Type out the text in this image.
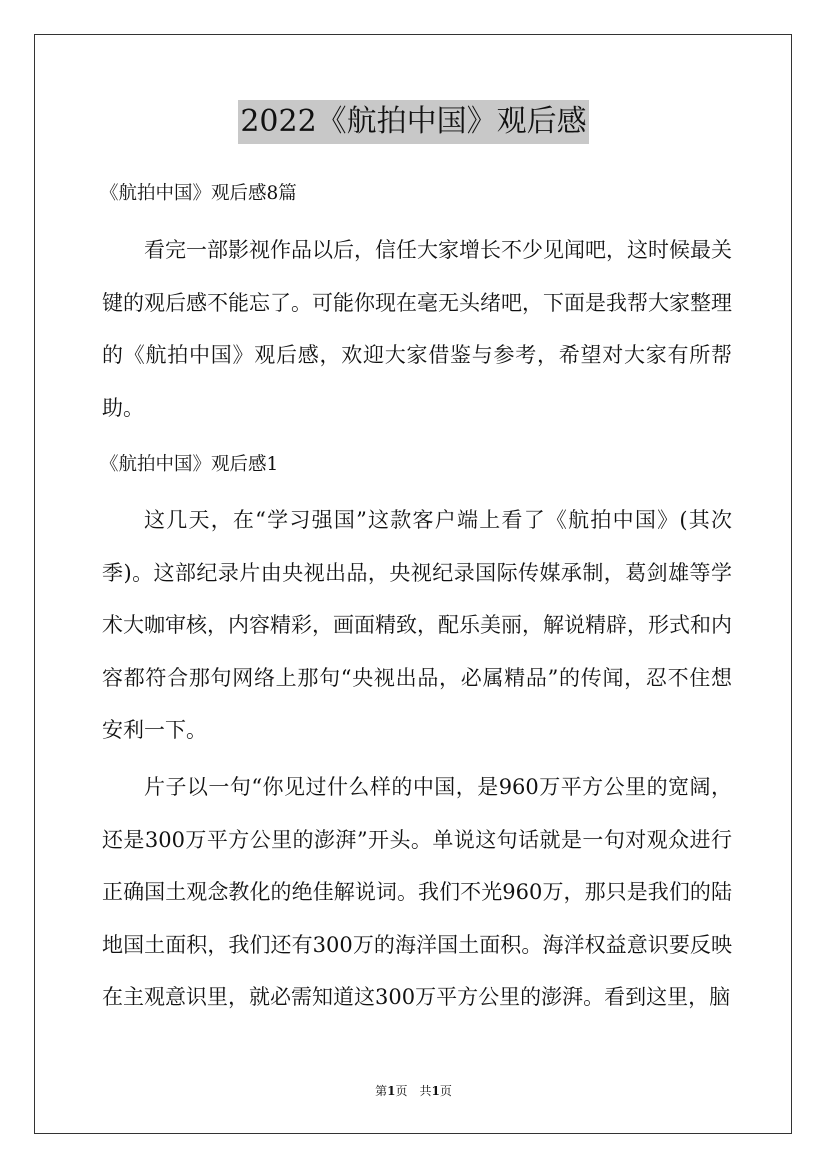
2022《航拍中国》观后感
《航拍中国》观后感8篇

看完一部影视作品以后，信任大家增长不少见闻吧，这时候最关键的观后感不能忘了。可能你现在毫无头绪吧，下面是我帮大家整理的《航拍中国》观后感，欢迎大家借鉴与参考，希望对大家有所帮助。

《航拍中国》观后感1

这几天，在“学习强国”这款客户端上看了《航拍中国》(其次季)。这部纪录片由央视出品，央视纪录国际传媒承制，葛剑雄等学术大咖审核，内容精彩，画面精致，配乐美丽，解说精辟，形式和内容都符合那句网络上那句“央视出品，必属精品”的传闻，忍不住想安利一下。

片子以一句“你见过什么样的中国，是960万平方公里的宽阔，还是300万平方公里的澎湃”开头。单说这句话就是一句对观众进行正确国土观念教化的绝佳解说词。我们不光960万，那只是我们的陆地国土面积，我们还有300万的海洋国土面积。海洋权益意识要反映在主观意识里，就必需知道这300万平方公里的澎湃。看到这里，脑

第1页　共1页
